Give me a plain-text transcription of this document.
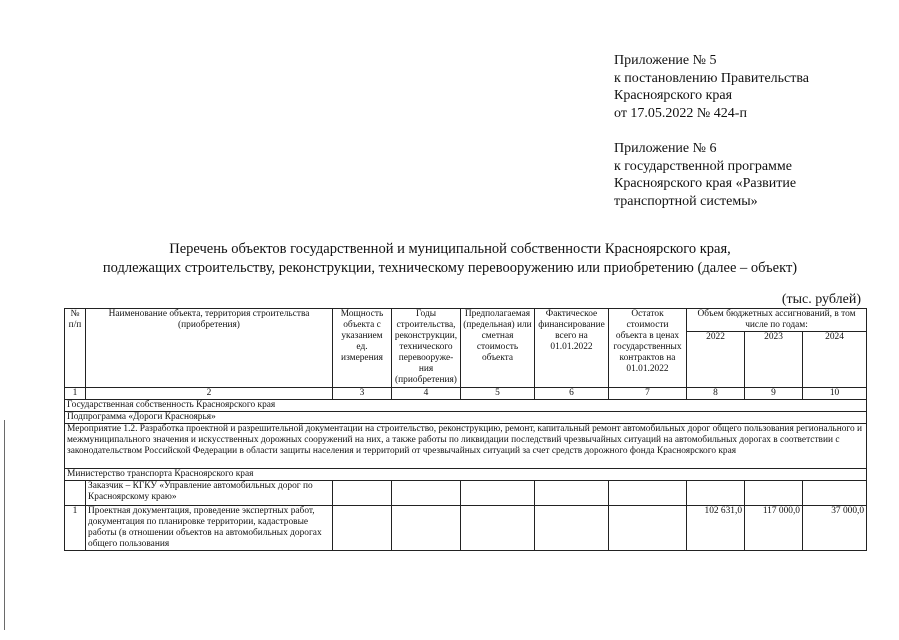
Приложение № 5
к постановлению Правительства
Красноярского края
от 17.05.2022 № 424-п
Приложение № 6
к государственной программе
Красноярского края «Развитие
транспортной системы»
Перечень объектов государственной и муниципальной собственности Красноярского края,
подлежащих строительству, реконструкции, техническому перевооружению или приобретению (далее – объект)
(тыс. рублей)
№ п/п	Наименование объекта, территория строительства (приобретения)	Мощность объекта с указанием ед. измерения	Годы строительства, реконструкции, технического перевооруже-ния (приобретения)	Предполагаемая (предельная) или сметная стоимость объекта	Фактическое финансирование всего на 01.01.2022	Остаток стоимости объекта в ценах государственных контрактов на 01.01.2022	Объем бюджетных ассигнований, в том числе по годам:		
							2022	2023	2024
1	2	3	4	5	6	7	8	9	10
Государственная собственность Красноярского края									
Подпрограмма «Дороги Красноярья»									
Мероприятие 1.2. Разработка проектной и разрешительной документации на строительство, реконструкцию, ремонт, капитальный ремонт автомобильных дорог общего пользования регионального и межмуниципального значения и искусственных дорожных сооружений на них, а также работы по ликвидации последствий чрезвычайных ситуаций на автомобильных дорогах в соответствии с законодательством Российской Федерации в области защиты населения и территорий от чрезвычайных ситуаций за счет средств дорожного фонда Красноярского края									
Министерство транспорта Красноярского края									
	Заказчик – КГКУ «Управление автомобильных дорог по Красноярскому краю»								
1	Проектная документация, проведение экспертных работ, документация по планировке территории, кадастровые работы (в отношении объектов на автомобильных дорогах общего пользования						102 631,0	117 000,0	37 000,0
